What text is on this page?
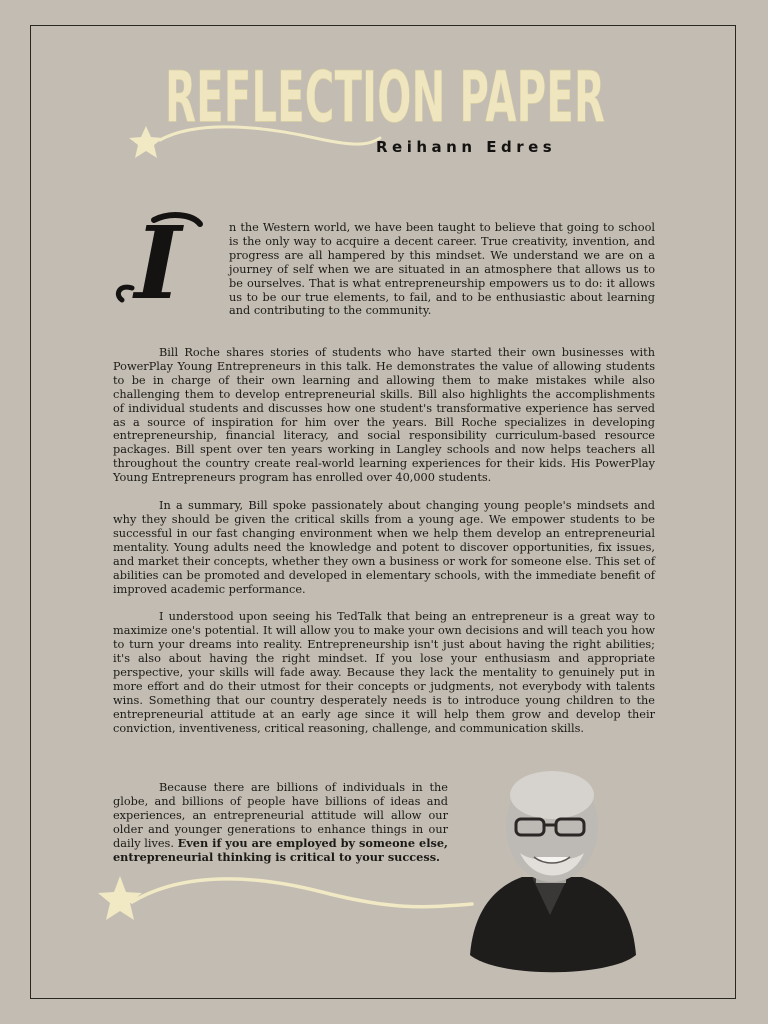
REFLECTION PAPER
Reihann Edres
I	n the Western world, we have been taught to believe that going to school is the only way to acquire a decent career. True creativity, invention, and progress are all hampered by this mindset. We understand we are on a journey of self when we are situated in an atmosphere that allows us to be ourselves. That is what entrepreneurship empowers us to do: it allows us to be our true elements, to fail, and to be enthusiastic about learning and contributing to the community.

Bill Roche shares stories of students who have started their own businesses with PowerPlay Young Entrepreneurs in this talk. He demonstrates the value of allowing students to be in charge of their own learning and allowing them to make mistakes while also challenging them to develop entrepreneurial skills. Bill also highlights the accomplishments of individual students and discusses how one student's transformative experience has served as a source of inspiration for him over the years. Bill Roche specializes in developing entrepreneurship, financial literacy, and social responsibility curriculum-based resource packages. Bill spent over ten years working in Langley schools and now helps teachers all throughout the country create real-world learning experiences for their kids. His PowerPlay Young Entrepreneurs program has enrolled over 40,000 students.

In a summary, Bill spoke passionately about changing young people's mindsets and why they should be given the critical skills from a young age. We empower students to be successful in our fast changing environment when we help them develop an entrepreneurial mentality. Young adults need the knowledge and potent to discover opportunities, fix issues, and market their concepts, whether they own a business or work for someone else. This set of abilities can be promoted and developed in elementary schools, with the immediate benefit of improved academic performance.

I understood upon seeing his TedTalk that being an entrepreneur is a great way to maximize one's potential. It will allow you to make your own decisions and will teach you how to turn your dreams into reality. Entrepreneurship isn't just about having the right abilities; it's also about having the right mindset. If you lose your enthusiasm and appropriate perspective, your skills will fade away. Because they lack the mentality to genuinely put in more effort and do their utmost for their concepts or judgments, not everybody with talents wins. Something that our country desperately needs is to introduce young children to the entrepreneurial attitude at an early age since it will help them grow and develop their conviction, inventiveness, critical reasoning, challenge, and communication skills.

Because there are billions of individuals in the globe, and billions of people have billions of ideas and experiences, an entrepreneurial attitude will allow our older and younger generations to enhance things in our daily lives. Even if you are employed by someone else, entrepreneurial thinking is critical to your success.
